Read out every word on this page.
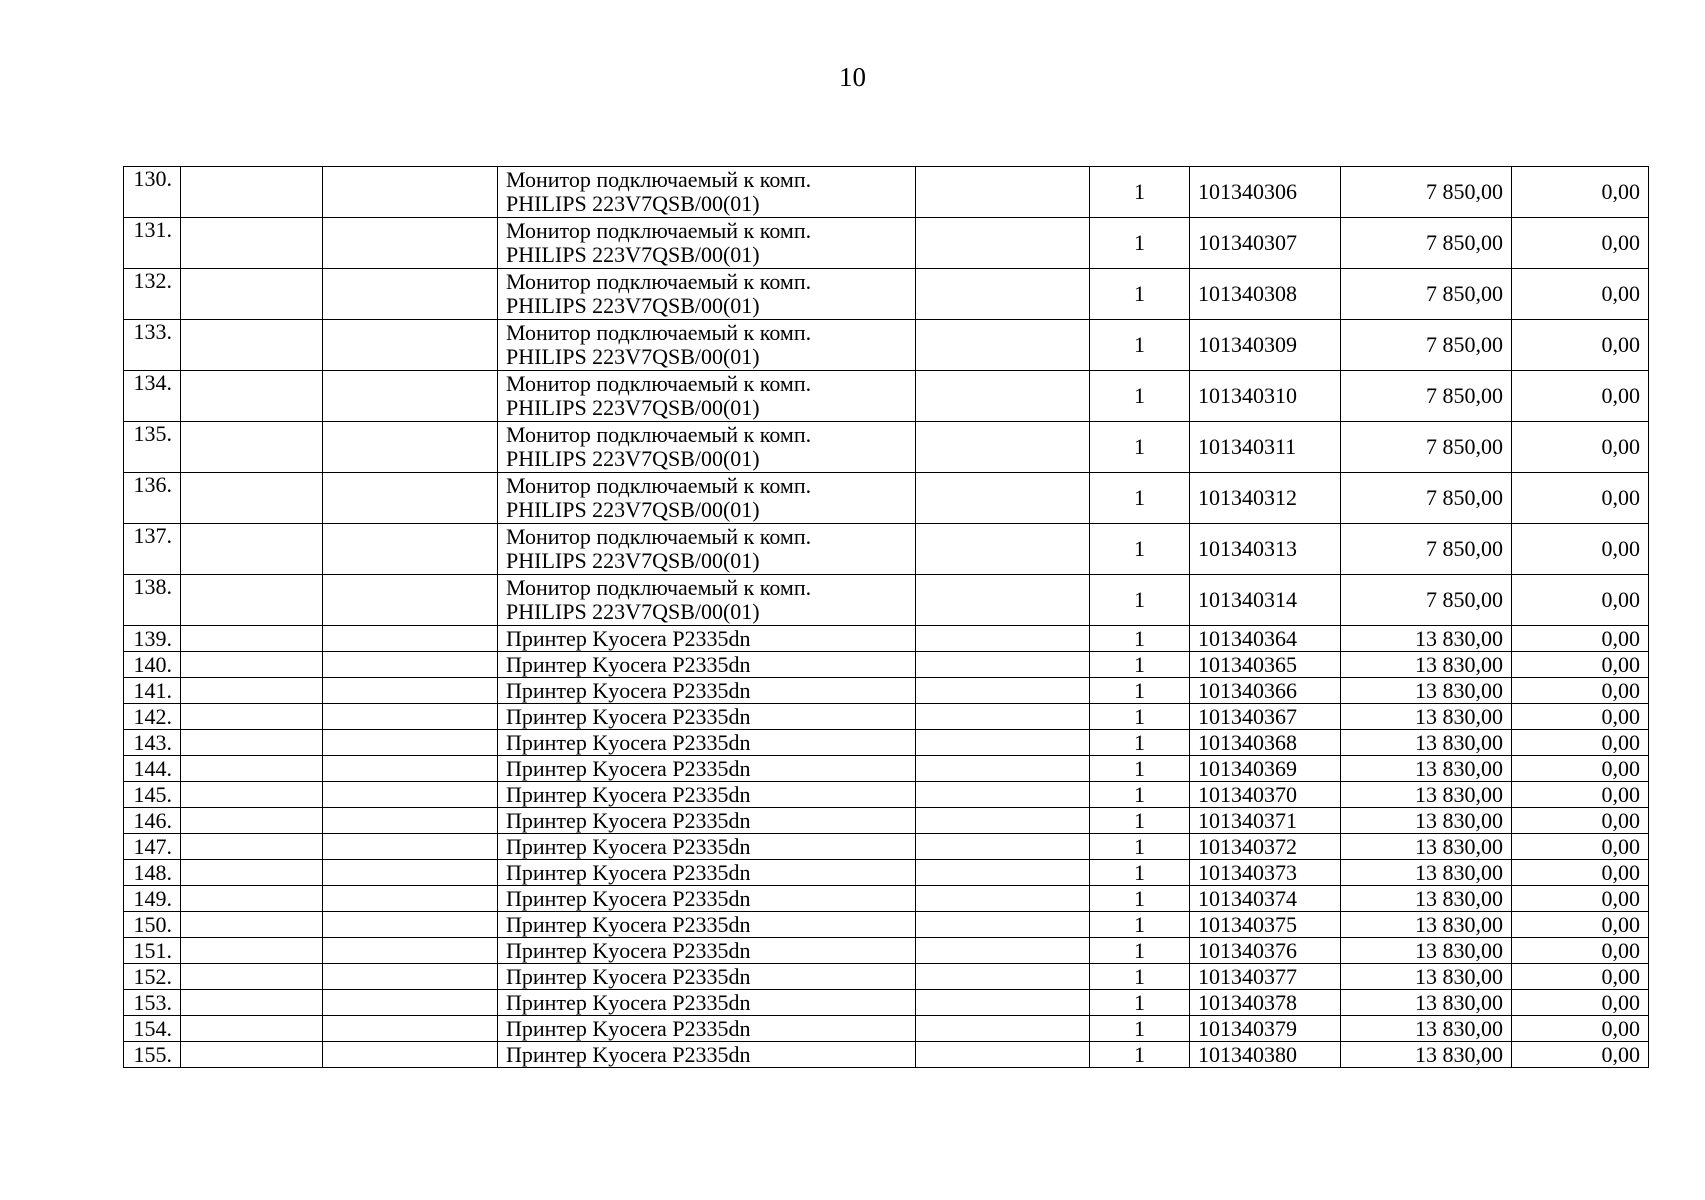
10
130.			Монитор подключаемый к комп.
PHILIPS 223V7QSB/00(01)		1	101340306	7 850,00	0,00
131.			Монитор подключаемый к комп.
PHILIPS 223V7QSB/00(01)		1	101340307	7 850,00	0,00
132.			Монитор подключаемый к комп.
PHILIPS 223V7QSB/00(01)		1	101340308	7 850,00	0,00
133.			Монитор подключаемый к комп.
PHILIPS 223V7QSB/00(01)		1	101340309	7 850,00	0,00
134.			Монитор подключаемый к комп.
PHILIPS 223V7QSB/00(01)		1	101340310	7 850,00	0,00
135.			Монитор подключаемый к комп.
PHILIPS 223V7QSB/00(01)		1	101340311	7 850,00	0,00
136.			Монитор подключаемый к комп.
PHILIPS 223V7QSB/00(01)		1	101340312	7 850,00	0,00
137.			Монитор подключаемый к комп.
PHILIPS 223V7QSB/00(01)		1	101340313	7 850,00	0,00
138.			Монитор подключаемый к комп.
PHILIPS 223V7QSB/00(01)		1	101340314	7 850,00	0,00
139.			Принтер Kyocera P2335dn		1	101340364	13 830,00	0,00
140.			Принтер Kyocera P2335dn		1	101340365	13 830,00	0,00
141.			Принтер Kyocera P2335dn		1	101340366	13 830,00	0,00
142.			Принтер Kyocera P2335dn		1	101340367	13 830,00	0,00
143.			Принтер Kyocera P2335dn		1	101340368	13 830,00	0,00
144.			Принтер Kyocera P2335dn		1	101340369	13 830,00	0,00
145.			Принтер Kyocera P2335dn		1	101340370	13 830,00	0,00
146.			Принтер Kyocera P2335dn		1	101340371	13 830,00	0,00
147.			Принтер Kyocera P2335dn		1	101340372	13 830,00	0,00
148.			Принтер Kyocera P2335dn		1	101340373	13 830,00	0,00
149.			Принтер Kyocera P2335dn		1	101340374	13 830,00	0,00
150.			Принтер Kyocera P2335dn		1	101340375	13 830,00	0,00
151.			Принтер Kyocera P2335dn		1	101340376	13 830,00	0,00
152.			Принтер Kyocera P2335dn		1	101340377	13 830,00	0,00
153.			Принтер Kyocera P2335dn		1	101340378	13 830,00	0,00
154.			Принтер Kyocera P2335dn		1	101340379	13 830,00	0,00
155.			Принтер Kyocera P2335dn		1	101340380	13 830,00	0,00
